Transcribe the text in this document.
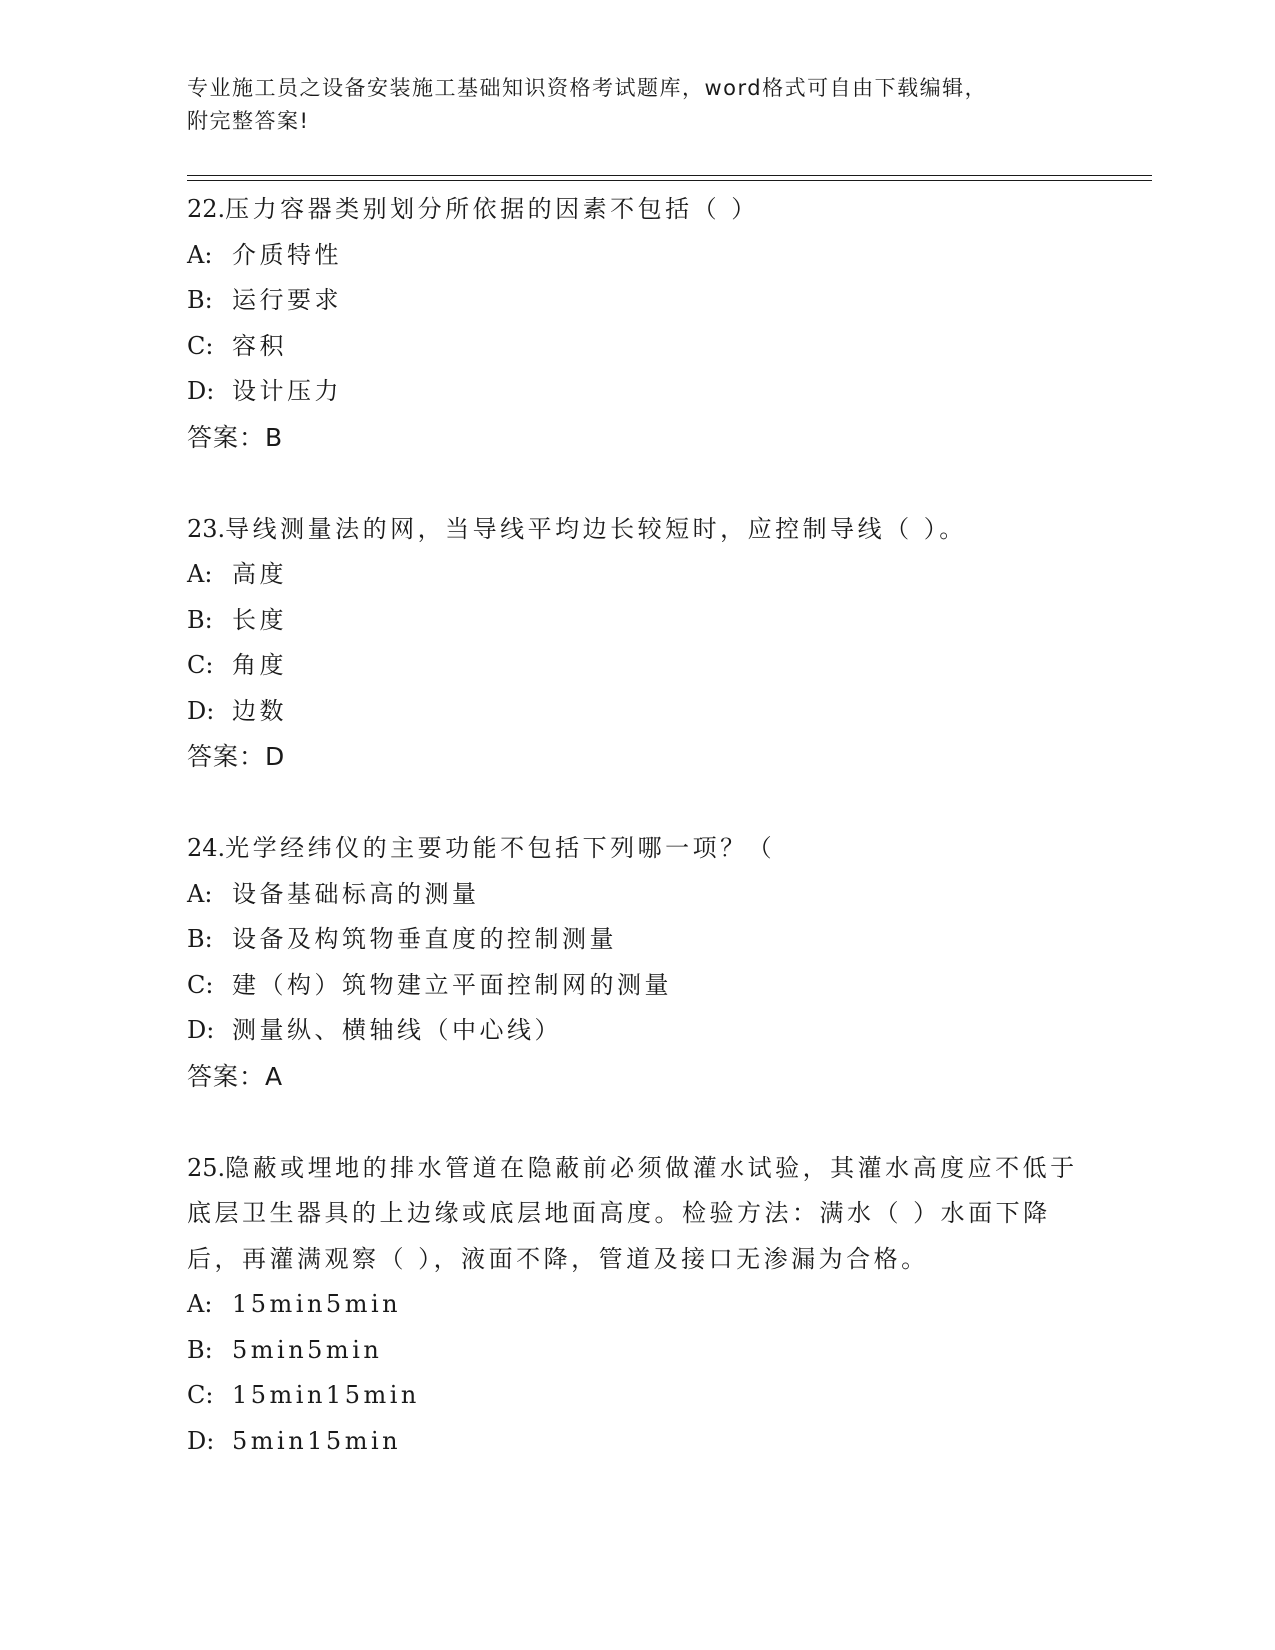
专业施工员之设备安装施工基础知识资格考试题库，word格式可自由下载编辑，
附完整答案!

22.压力容器类别划分所依据的因素不包括（ ）

A: 介质特性

B: 运行要求

C: 容积

D: 设计压力

答案：B

23.导线测量法的网，当导线平均边长较短时，应控制导线（ ）。

A: 高度

B: 长度

C: 角度

D: 边数

答案：D

24.光学经纬仪的主要功能不包括下列哪一项？（

A: 设备基础标高的测量

B: 设备及构筑物垂直度的控制测量

C: 建（构）筑物建立平面控制网的测量

D: 测量纵、横轴线（中心线）

答案：A

25.隐蔽或埋地的排水管道在隐蔽前必须做灌水试验，其灌水高度应不低于底层卫生器具的上边缘或底层地面高度。检验方法：满水（ ）水面下降后，再灌满观察（ ），液面不降，管道及接口无渗漏为合格。

A: 15min5min

B: 5min5min

C: 15min15min

D: 5min15min
